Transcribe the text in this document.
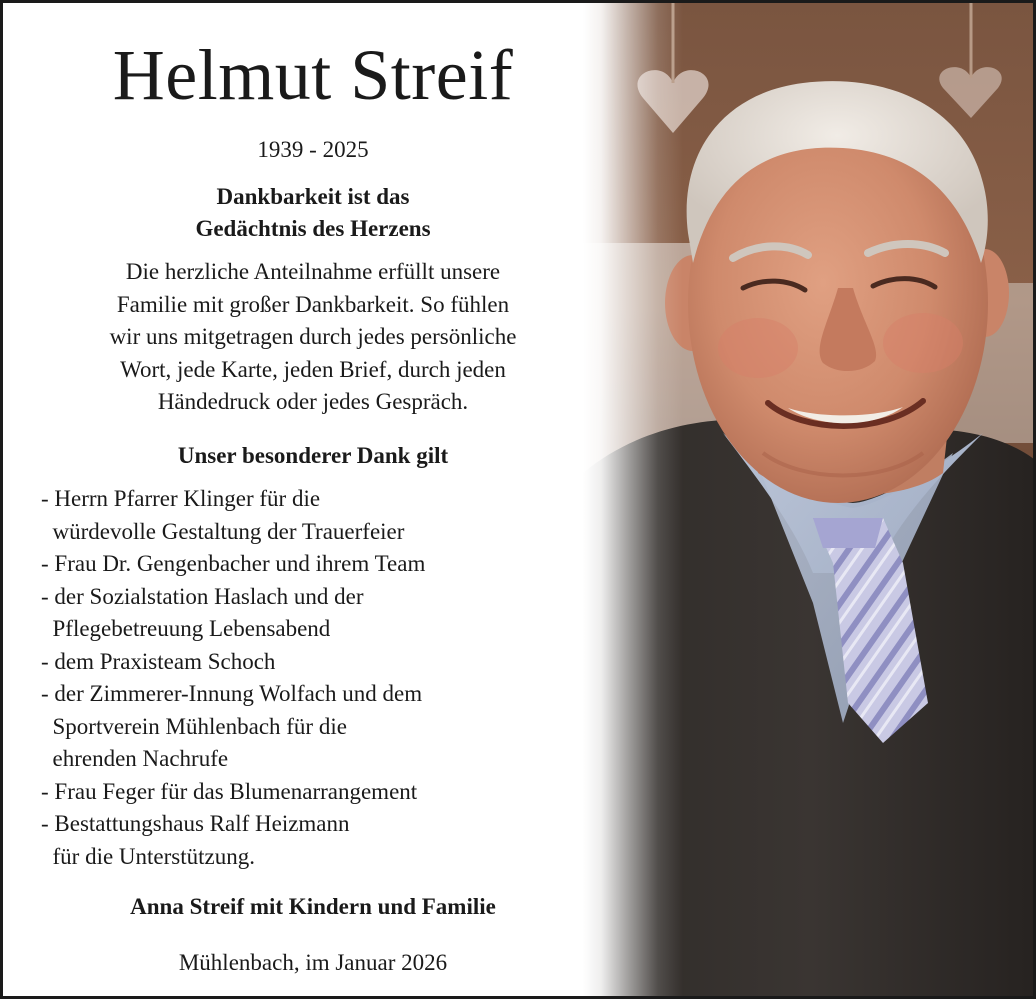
Helmut Streif
1939 - 2025
Dankbarkeit ist das
Gedächtnis des Herzens
Die herzliche Anteilnahme erfüllt unsere
Familie mit großer Dankbarkeit. So fühlen
wir uns mitgetragen durch jedes persönliche
Wort, jede Karte, jeden Brief, durch jeden
Händedruck oder jedes Gespräch.
Unser besonderer Dank gilt
- Herrn Pfarrer Klinger für die
würdevolle Gestaltung der Trauerfeier
- Frau Dr. Gengenbacher und ihrem Team
- der Sozialstation Haslach und der
Pflegebetreuung Lebensabend
- dem Praxisteam Schoch
- der Zimmerer-Innung Wolfach und dem
Sportverein Mühlenbach für die
ehrenden Nachrufe
- Frau Feger für das Blumenarrangement
- Bestattungshaus Ralf Heizmann
für die Unterstützung.
Anna Streif mit Kindern und Familie
Mühlenbach, im Januar 2026
